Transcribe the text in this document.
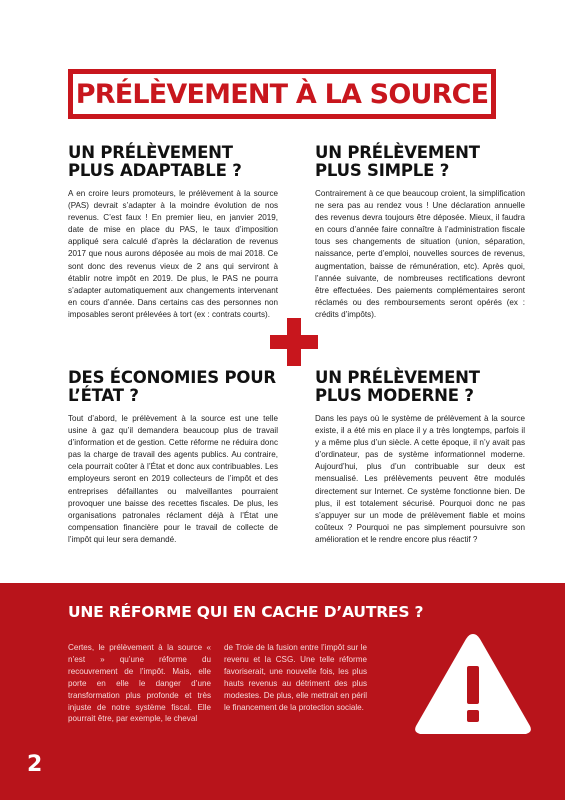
PRÉLÈVEMENT À LA SOURCE
UN PRÉLÈVEMENT PLUS ADAPTABLE ?

A en croire leurs promoteurs, le prélèvement à la source (PAS) devrait s’adapter à la moindre évolution de nos revenus. C’est faux ! En premier lieu, en janvier 2019, date de mise en place du PAS, le taux d’imposition appliqué sera calculé d’après la déclaration de revenus 2017 que nous aurons déposée au mois de mai 2018. Ce sont donc des revenus vieux de 2 ans qui serviront à établir notre impôt en 2019. De plus, le PAS ne pourra s’adapter automatiquement aux changements intervenant en cours d’année. Dans certains cas des personnes non imposables seront prélevées à tort (ex : contrats courts).

UN PRÉLÈVEMENT PLUS SIMPLE ?

Contrairement à ce que beaucoup croient, la simplification ne sera pas au rendez vous ! Une déclaration annuelle des revenus devra toujours être déposée. Mieux, il faudra en cours d’année faire connaître à l’administration fiscale tous ses changements de situation (union, séparation, naissance, perte d’emploi, nouvelles sources de revenus, augmentation, baisse de rémunération, etc). Après quoi, l’année suivante, de nombreuses rectifications devront être effectuées. Des paiements complémentaires seront réclamés ou des remboursements seront opérés (ex : crédits d’impôts).

DES ÉCONOMIES POUR L’ÉTAT ?

Tout d’abord, le prélèvement à la source est une telle usine à gaz qu’il demandera beaucoup plus de travail d’information et de gestion. Cette réforme ne réduira donc pas la charge de travail des agents publics. Au contraire, cela pourrait coûter à l’État et donc aux contribuables. Les employeurs seront en 2019 collecteurs de l’impôt et des entreprises défaillantes ou malveillantes pourraient provoquer une baisse des recettes fiscales. De plus, les organisations patronales réclament déjà à l’État une compensation financière pour le travail de collecte de l’impôt qui leur sera demandé.

UN PRÉLÈVEMENT PLUS MODERNE ?

Dans les pays où le système de prélèvement à la source existe, il a été mis en place il y a très longtemps, parfois il y a même plus d’un siècle. A cette époque, il n’y avait pas d’ordinateur, pas de système informationnel moderne. Aujourd’hui, plus d’un contribuable sur deux est mensualisé. Les prélèvements peuvent être modulés directement sur Internet. Ce système fonctionne bien. De plus, il est totalement sécurisé. Pourquoi donc ne pas s’appuyer sur un mode de prélèvement fiable et moins coûteux ? Pourquoi ne pas simplement poursuivre son amélioration et le rendre encore plus réactif ?

UNE RÉFORME QUI EN CACHE D’AUTRES ?
Certes, le prélèvement à la source « n’est » qu’une réforme du recouvrement de l’impôt. Mais, elle porte en elle le danger d’une transformation plus profonde et très injuste de notre système fiscal. Elle pourrait être, par exemple, le cheval
de Troie de la fusion entre l’impôt sur le revenu et la CSG. Une telle réforme favoriserait, une nouvelle fois, les plus hauts revenus au détriment des plus modestes. De plus, elle mettrait en péril le financement de la protection sociale.
2
